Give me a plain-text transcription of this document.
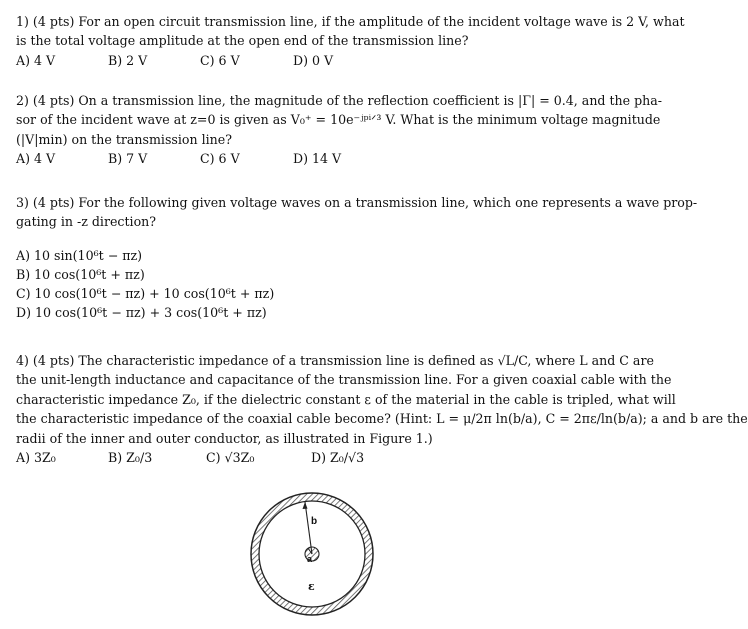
1) (4 pts) For an open circuit transmission line, if the amplitude of the incident voltage wave is 2 V, what
is the total voltage amplitude at the open end of the transmission line?
A) 4 V	B) 2 V	C) 6 V	D) 0 V
2) (4 pts) On a transmission line, the magnitude of the reflection coefficient is |Γ| = 0.4, and the pha-
sor of the incident wave at z=0 is given as V₀⁺ = 10e⁻ʲᵖⁱᐟ³ V. What is the minimum voltage magnitude
(|V|min) on the transmission line?
A) 4 V	B) 7 V	C) 6 V	D) 14 V
3) (4 pts) For the following given voltage waves on a transmission line, which one represents a wave prop-
gating in -z direction?
A) 10 sin(10⁶t − πz)
B) 10 cos(10⁶t + πz)
C) 10 cos(10⁶t − πz) + 10 cos(10⁶t + πz)
D) 10 cos(10⁶t − πz) + 3 cos(10⁶t + πz)
4) (4 pts) The characteristic impedance of a transmission line is defined as √L/C, where L and C are
the unit-length inductance and capacitance of the transmission line. For a given coaxial cable with the
characteristic impedance Z₀, if the dielectric constant ε of the material in the cable is tripled, what will
the characteristic impedance of the coaxial cable become? (Hint: L = μ/2π ln(b/a), C = 2πε/ln(b/a); a and b are the
radii of the inner and outer conductor, as illustrated in Figure 1.)
A) 3Z₀	B) Z₀/3	C) √3Z₀	D) Z₀/√3
b
a
ε
